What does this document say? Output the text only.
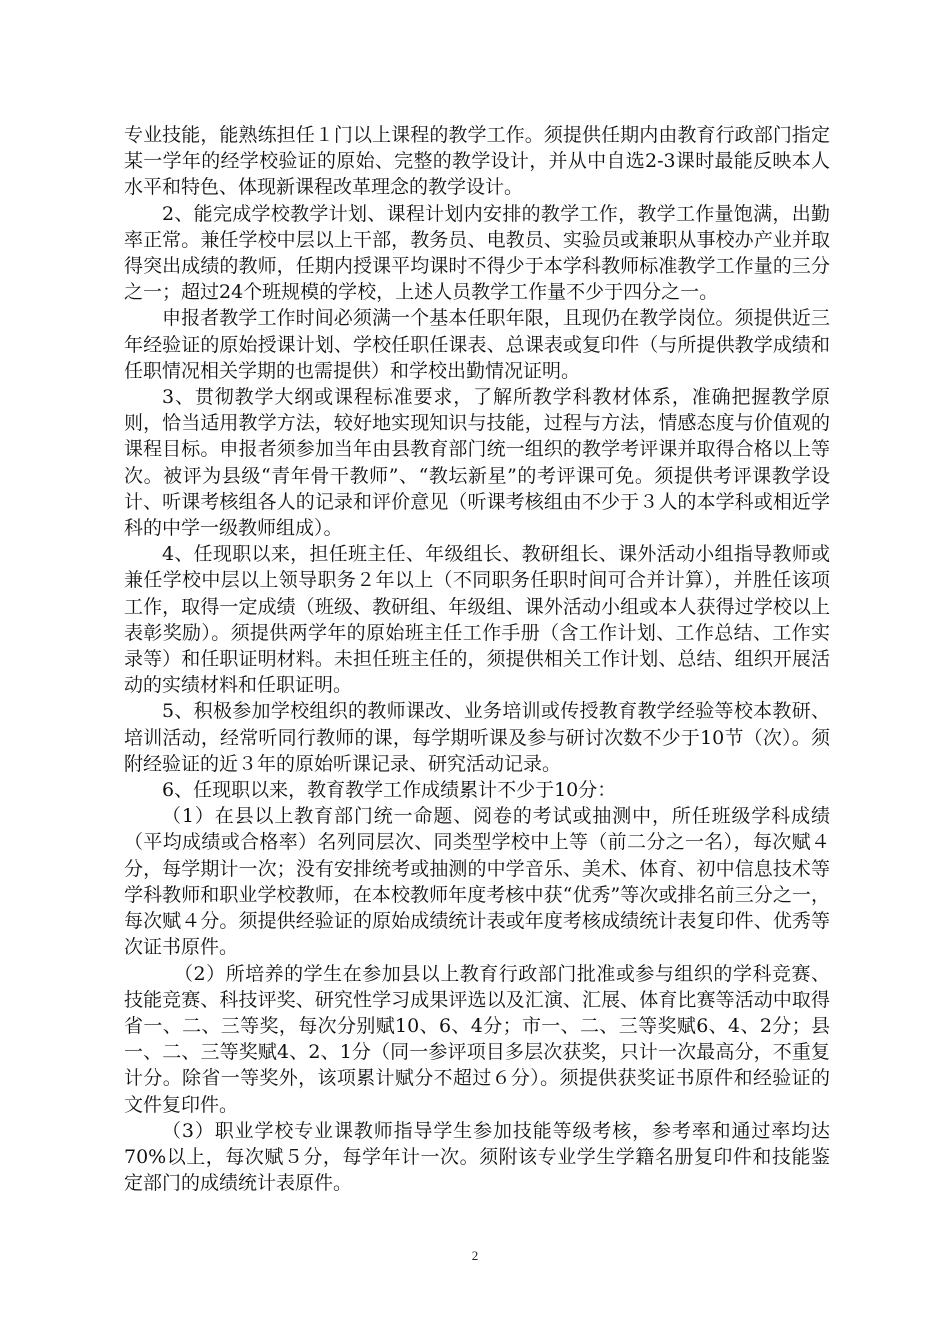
专业技能，能熟练担任１门以上课程的教学工作。须提供任期内由教育行政部门指定某一学年的经学校验证的原始、完整的教学设计，并从中自选2-3课时最能反映本人水平和特色、体现新课程改革理念的教学设计。

2、能完成学校教学计划、课程计划内安排的教学工作，教学工作量饱满，出勤率正常。兼任学校中层以上干部，教务员、电教员、实验员或兼职从事校办产业并取得突出成绩的教师，任期内授课平均课时不得少于本学科教师标准教学工作量的三分之一；超过24个班规模的学校，上述人员教学工作量不少于四分之一。

申报者教学工作时间必须满一个基本任职年限，且现仍在教学岗位。须提供近三年经验证的原始授课计划、学校任职任课表、总课表或复印件（与所提供教学成绩和任职情况相关学期的也需提供）和学校出勤情况证明。

3、贯彻教学大纲或课程标准要求，了解所教学科教材体系，准确把握教学原则，恰当适用教学方法，较好地实现知识与技能，过程与方法，情感态度与价值观的课程目标。申报者须参加当年由县教育部门统一组织的教学考评课并取得合格以上等次。被评为县级“青年骨干教师”、“教坛新星”的考评课可免。须提供考评课教学设计、听课考核组各人的记录和评价意见（听课考核组由不少于３人的本学科或相近学科的中学一级教师组成）。

4、任现职以来，担任班主任、年级组长、教研组长、课外活动小组指导教师或兼任学校中层以上领导职务２年以上（不同职务任职时间可合并计算），并胜任该项工作，取得一定成绩（班级、教研组、年级组、课外活动小组或本人获得过学校以上表彰奖励）。须提供两学年的原始班主任工作手册（含工作计划、工作总结、工作实录等）和任职证明材料。未担任班主任的，须提供相关工作计划、总结、组织开展活动的实绩材料和任职证明。

5、积极参加学校组织的教师课改、业务培训或传授教育教学经验等校本教研、培训活动，经常听同行教师的课，每学期听课及参与研讨次数不少于10节（次）。须附经验证的近３年的原始听课记录、研究活动记录。

6、任现职以来，教育教学工作成绩累计不少于10分：

（1）在县以上教育部门统一命题、阅卷的考试或抽测中，所任班级学科成绩（平均成绩或合格率）名列同层次、同类型学校中上等（前二分之一名），每次赋４分，每学期计一次；没有安排统考或抽测的中学音乐、美术、体育、初中信息技术等学科教师和职业学校教师，在本校教师年度考核中获“优秀”等次或排名前三分之一，每次赋４分。须提供经验证的原始成绩统计表或年度考核成绩统计表复印件、优秀等次证书原件。

（2）所培养的学生在参加县以上教育行政部门批准或参与组织的学科竞赛、技能竞赛、科技评奖、研究性学习成果评选以及汇演、汇展、体育比赛等活动中取得省一、二、三等奖，每次分别赋10、6、4分；市一、二、三等奖赋6、4、2分；县一、二、三等奖赋4、2、1分（同一参评项目多层次获奖，只计一次最高分，不重复计分。除省一等奖外，该项累计赋分不超过６分）。须提供获奖证书原件和经验证的文件复印件。

（3）职业学校专业课教师指导学生参加技能等级考核，参考率和通过率均达70%以上，每次赋５分，每学年计一次。须附该专业学生学籍名册复印件和技能鉴定部门的成绩统计表原件。

2
